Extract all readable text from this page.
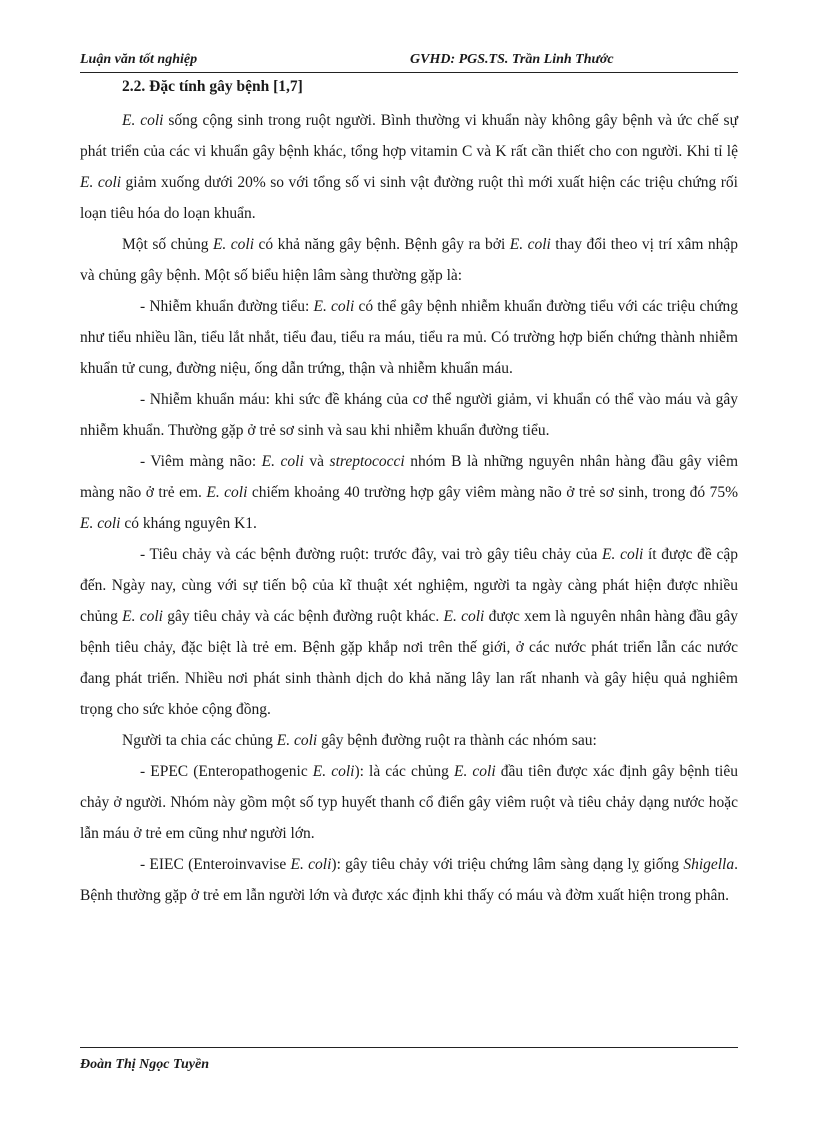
Luận văn tốt nghiệp	GVHD: PGS.TS. Trần Linh Thước
2.2. Đặc tính gây bệnh [1,7]

E. coli sống cộng sinh trong ruột người. Bình thường vi khuẩn này không gây bệnh và ức chế sự phát triển của các vi khuẩn gây bệnh khác, tổng hợp vitamin C và K rất cần thiết cho con người. Khi tỉ lệ E. coli giảm xuống dưới 20% so với tổng số vi sinh vật đường ruột thì mới xuất hiện các triệu chứng rối loạn tiêu hóa do loạn khuẩn.

Một số chủng E. coli có khả năng gây bệnh. Bệnh gây ra bởi E. coli thay đổi theo vị trí xâm nhập và chủng gây bệnh. Một số biểu hiện lâm sàng thường gặp là:

- Nhiễm khuẩn đường tiểu: E. coli có thể gây bệnh nhiễm khuẩn đường tiểu với các triệu chứng như tiểu nhiều lần, tiểu lắt nhắt, tiểu đau, tiểu ra máu, tiểu ra mủ. Có trường hợp biến chứng thành nhiễm khuẩn tử cung, đường niệu, ống dẫn trứng, thận và nhiễm khuẩn máu.

- Nhiễm khuẩn máu: khi sức đề kháng của cơ thể người giảm, vi khuẩn có thể vào máu và gây nhiễm khuẩn. Thường gặp ở trẻ sơ sinh và sau khi nhiễm khuẩn đường tiểu.

- Viêm màng não: E. coli và streptococci nhóm B là những nguyên nhân hàng đầu gây viêm màng não ở trẻ em. E. coli chiếm khoảng 40 trường hợp gây viêm màng não ở trẻ sơ sinh, trong đó 75% E. coli có kháng nguyên K1.

- Tiêu chảy và các bệnh đường ruột: trước đây, vai trò gây tiêu chảy của E. coli ít được đề cập đến. Ngày nay, cùng với sự tiến bộ của kĩ thuật xét nghiệm, người ta ngày càng phát hiện được nhiều chủng E. coli gây tiêu chảy và các bệnh đường ruột khác. E. coli được xem là nguyên nhân hàng đầu gây bệnh tiêu chảy, đặc biệt là trẻ em. Bệnh gặp khắp nơi trên thế giới, ở các nước phát triển lẫn các nước đang phát triển. Nhiều nơi phát sinh thành dịch do khả năng lây lan rất nhanh và gây hiệu quả nghiêm trọng cho sức khỏe cộng đồng.

Người ta chia các chủng E. coli gây bệnh đường ruột ra thành các nhóm sau:

- EPEC (Enteropathogenic E. coli): là các chủng E. coli đầu tiên được xác định gây bệnh tiêu chảy ở người. Nhóm này gồm một số typ huyết thanh cổ điển gây viêm ruột và tiêu chảy dạng nước hoặc lẫn máu ở trẻ em cũng như người lớn.

- EIEC (Enteroinvavise E. coli): gây tiêu chảy với triệu chứng lâm sàng dạng lỵ giống Shigella. Bệnh thường gặp ở trẻ em lẫn người lớn và được xác định khi thấy có máu và đờm xuất hiện trong phân.

Đoàn Thị Ngọc Tuyền
